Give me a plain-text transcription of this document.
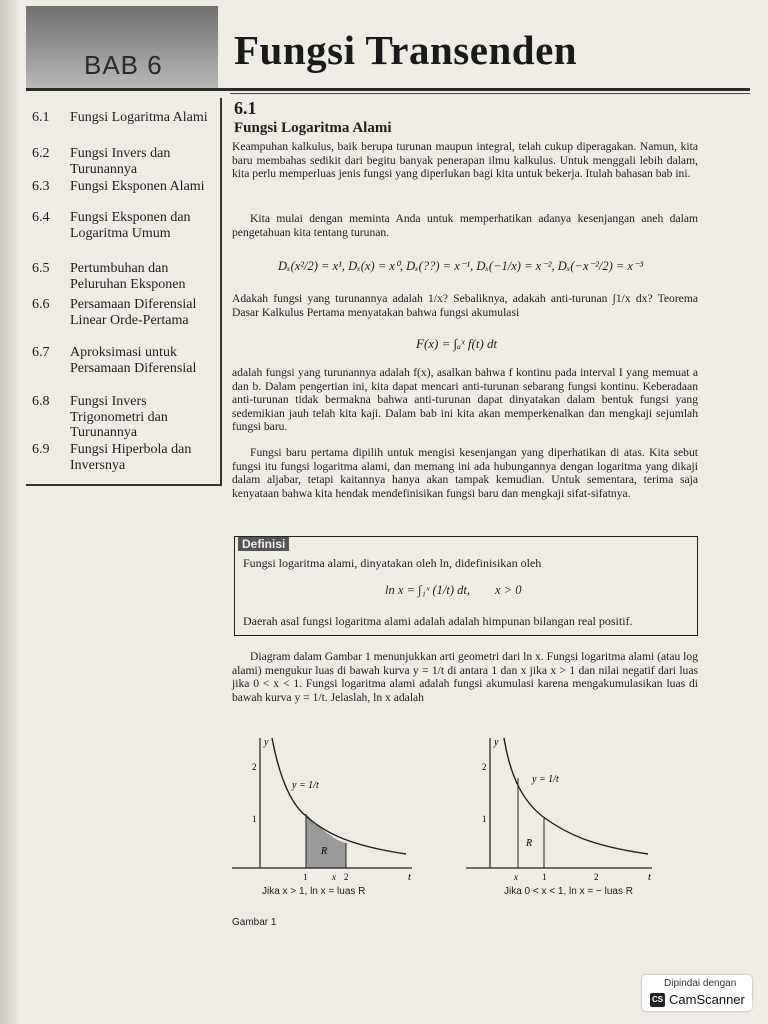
BAB 6 Fungsi Transenden
6.1 Fungsi Logaritma Alami
6.2 Fungsi Invers dan Turunannya
6.3 Fungsi Eksponen Alami
6.4 Fungsi Eksponen dan Logaritma Umum
6.5 Pertumbuhan dan Peluruhan Eksponen
6.6 Persamaan Diferensial Linear Orde-Pertama
6.7 Aproksimasi untuk Persamaan Diferensial
6.8 Fungsi Invers Trigonometri dan Turunannya
6.9 Fungsi Hiperbola dan Inversnya
6.1
Fungsi Logaritma Alami

Keampuhan kalkulus, baik berupa turunan maupun integral, telah cukup diperagakan. Namun, kita baru membahas sedikit dari begitu banyak penerapan ilmu kalkulus. Untuk menggali lebih dalam, kita perlu memperluas jenis fungsi yang diperlukan bagi kita untuk bekerja. Itulah bahasan bab ini.

Kita mulai dengan meminta Anda untuk memperhatikan adanya kesenjangan aneh dalam pengetahuan kita tentang turunan.

Dₓ(x²/2) = x¹, Dₓ(x) = x⁰, Dₓ(??) = x⁻¹, Dₓ(−1/x) = x⁻², Dₓ(−x⁻²/2) = x⁻³

Adakah fungsi yang turunannya adalah 1/x? Sebaliknya, adakah anti-turunan ∫1/x dx? Teorema Dasar Kalkulus Pertama menyatakan bahwa fungsi akumulasi

F(x) = ∫ₐˣ f(t) dt

adalah fungsi yang turunannya adalah f(x), asalkan bahwa f kontinu pada interval I yang memuat a dan b. Dalam pengertian ini, kita dapat mencari anti-turunan sebarang fungsi kontinu. Keberadaan anti-turunan tidak bermakna bahwa anti-turunan dapat dinyatakan dalam bentuk fungsi yang sedemikian jauh telah kita kaji. Dalam bab ini kita akan memperkenalkan dan mengkaji sejumlah fungsi baru.

Fungsi baru pertama dipilih untuk mengisi kesenjangan yang diperhatikan di atas. Kita sebut fungsi itu fungsi logaritma alami, dan memang ini ada hubungannya dengan logaritma yang dikaji dalam aljabar, tetapi kaitannya hanya akan tampak kemudian. Untuk sementara, terima saja kenyataan bahwa kita hendak mendefinisikan fungsi baru dan mengkaji sifat-sifatnya.

Fungsi logaritma alami, dinyatakan oleh ln, didefinisikan oleh
ln x = ∫₁ˣ (1/t) dt,        x > 0
Daerah asal fungsi logaritma alami adalah adalah himpunan bilangan real positif.
Definisi

Diagram dalam Gambar 1 menunjukkan arti geometri dari ln x. Fungsi logaritma alami (atau log alami) mengukur luas di bawah kurva y = 1/t di antara 1 dan x jika x > 1 dan nilai negatif dari luas jika 0 < x < 1. Fungsi logaritma alami adalah fungsi akumulasi karena mengakumulasikan luas di bawah kurva y = 1/t. Jelaslah, ln x adalah

y
t
2
1
1	x 2
y = 1/t
R
Jika x > 1, ln x = luas R
y
t
2
1
x	1	2
y = 1/t
R
Jika 0 < x < 1, ln x = − luas R
Gambar 1
Dipindai dengan
CS CamScanner
